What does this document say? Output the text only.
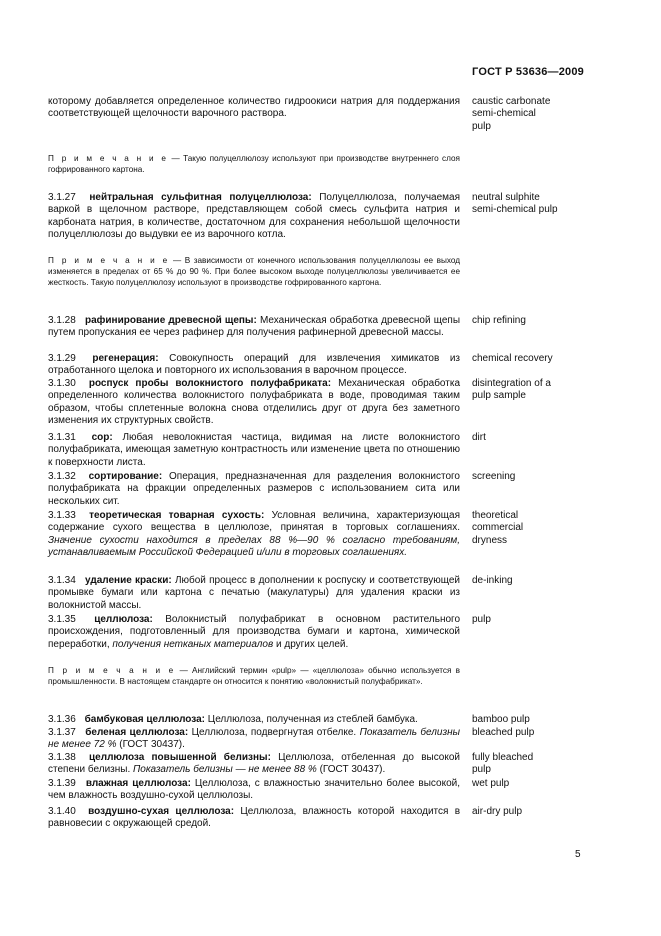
ГОСТ Р 53636—2009
которому добавляется определенное количество гидроокиси натрия для поддержания соответствующей щелочности варочного раствора.
caustic carbonate
semi-chemical
pulp
П р и м е ч а н и е — Такую полуцеллюлозу используют при производстве внутреннего слоя гофрированного картона.
3.1.27 нейтральная сульфитная полуцеллюлоза: Полуцеллюлоза, получаемая варкой в щелочном растворе, представляющем собой смесь сульфита натрия и карбоната натрия, в количестве, достаточном для сохранения небольшой щелочности полуцеллюлозы до выдувки ее из варочного котла.
neutral sulphite
semi-chemical pulp
П р и м е ч а н и е — В зависимости от конечного использования полуцеллюлозы ее выход изменяется в пределах от 65 % до 90 %. При более высоком выходе полуцеллюлозы увеличивается ее жесткость. Такую полуцеллюлозу используют в производстве гофрированного картона.
3.1.28 рафинирование древесной щепы: Механическая обработка древесной щепы путем пропускания ее через рафинер для получения рафинерной древесной массы.
chip refining
3.1.29 регенерация: Совокупность операций для извлечения химикатов из отработанного щелока и повторного их использования в варочном процессе.
chemical recovery
3.1.30 роспуск пробы волокнистого полуфабриката: Механическая обработка определенного количества волокнистого полуфабриката в воде, проводимая таким образом, чтобы сплетенные волокна снова отделились друг от друга без заметного изменения их структурных свойств.
disintegration of a
pulp sample
3.1.31 сор: Любая неволокнистая частица, видимая на листе волокнистого полуфабриката, имеющая заметную контрастность или изменение цвета по отношению к поверхности листа.
dirt
3.1.32 сортирование: Операция, предназначенная для разделения волокнистого полуфабриката на фракции определенных размеров с использованием сита или нескольких сит.
screening
3.1.33 теоретическая товарная сухость: Условная величина, характеризующая содержание сухого вещества в целлюлозе, принятая в торговых соглашениях. Значение сухости находится в пределах 88 %—90 % согласно требованиям, устанавливаемым Российской Федерацией и/или в торговых соглашениях.
theoretical
commercial
dryness
3.1.34 удаление краски: Любой процесс в дополнении к роспуску и соответствующей промывке бумаги или картона с печатью (макулатуры) для удаления краски из волокнистой массы.
de-inking
3.1.35 целлюлоза: Волокнистый полуфабрикат в основном растительного происхождения, подготовленный для производства бумаги и картона, химической переработки, получения нетканых материалов и других целей.
pulp
П р и м е ч а н и е — Английский термин «pulp» — «целлюлоза» обычно используется в промышленности. В настоящем стандарте он относится к понятию «волокнистый полуфабрикат».
3.1.36 бамбуковая целлюлоза: Целлюлоза, полученная из стеблей бамбука.	bamboo pulp
3.1.37 беленая целлюлоза: Целлюлоза, подвергнутая отбелке. Показатель белизны не менее 72 % (ГОСТ 30437).
bleached pulp
3.1.38 целлюлоза повышенной белизны: Целлюлоза, отбеленная до высокой степени белизны. Показатель белизны — не менее 88 % (ГОСТ 30437).
fully bleached
pulp
3.1.39 влажная целлюлоза: Целлюлоза, с влажностью значительно более высокой, чем влажность воздушно-сухой целлюлозы.
wet pulp
3.1.40 воздушно-сухая целлюлоза: Целлюлоза, влажность которой находится в равновесии с окружающей средой.
air-dry pulp
5
